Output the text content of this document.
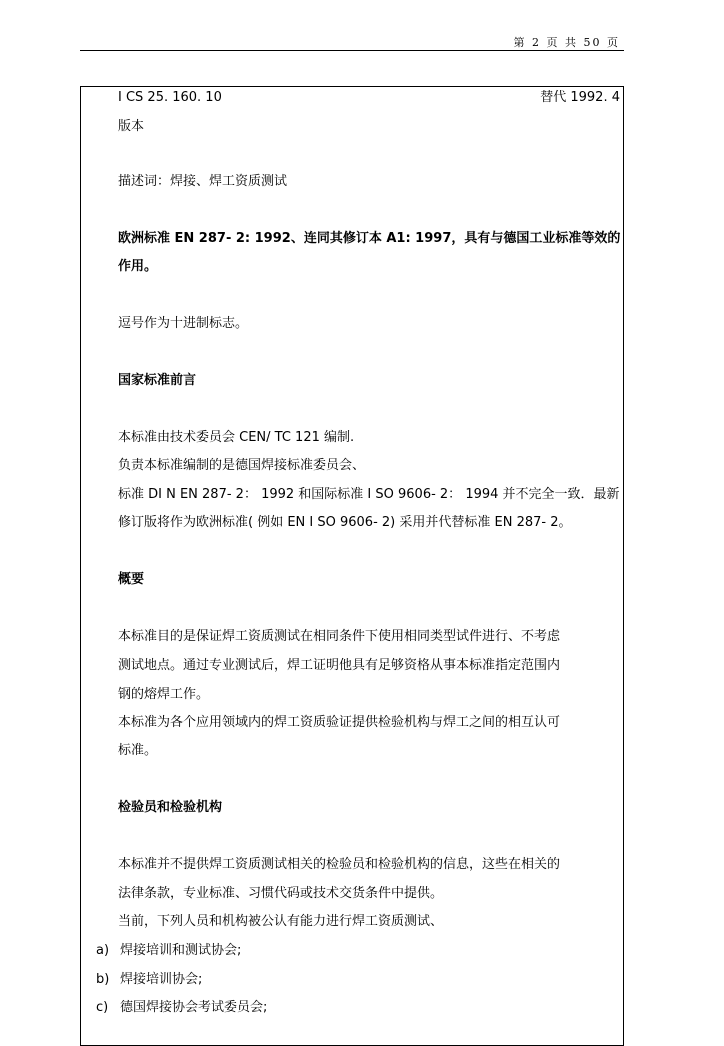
第 2 页 共 50 页
I CS 25. 160. 10	替代 1992. 4
版本
描述词：焊接、焊工资质测试
欧洲标准 EN 287- 2: 1992、连同其修订本 A1: 1997，具有与德国工业标准等效的
作用。
逗号作为十进制标志。
国家标准前言
本标准由技术委员会 CEN/ TC 121 编制.
负责本标准编制的是德国焊接标准委员会、
标准 DI N EN 287- 2： 1992 和国际标准 I SO 9606- 2： 1994 并不完全一致．最新
修订版将作为欧洲标准( 例如 EN I SO 9606- 2) 采用并代替标准 EN 287- 2。
概要
本标准目的是保证焊工资质测试在相同条件下使用相同类型试件进行、不考虑
测试地点。通过专业测试后，焊工证明他具有足够资格从事本标准指定范围内
钢的熔焊工作。
本标准为各个应用领域内的焊工资质验证提供检验机构与焊工之间的相互认可
标准。
检验员和检验机构
本标准并不提供焊工资质测试相关的检验员和检验机构的信息，这些在相关的
法律条款，专业标准、习惯代码或技术交货条件中提供。
当前，下列人员和机构被公认有能力进行焊工资质测试、
a) 焊接培训和测试协会;
b) 焊接培训协会;
c) 德国焊接协会考试委员会;
